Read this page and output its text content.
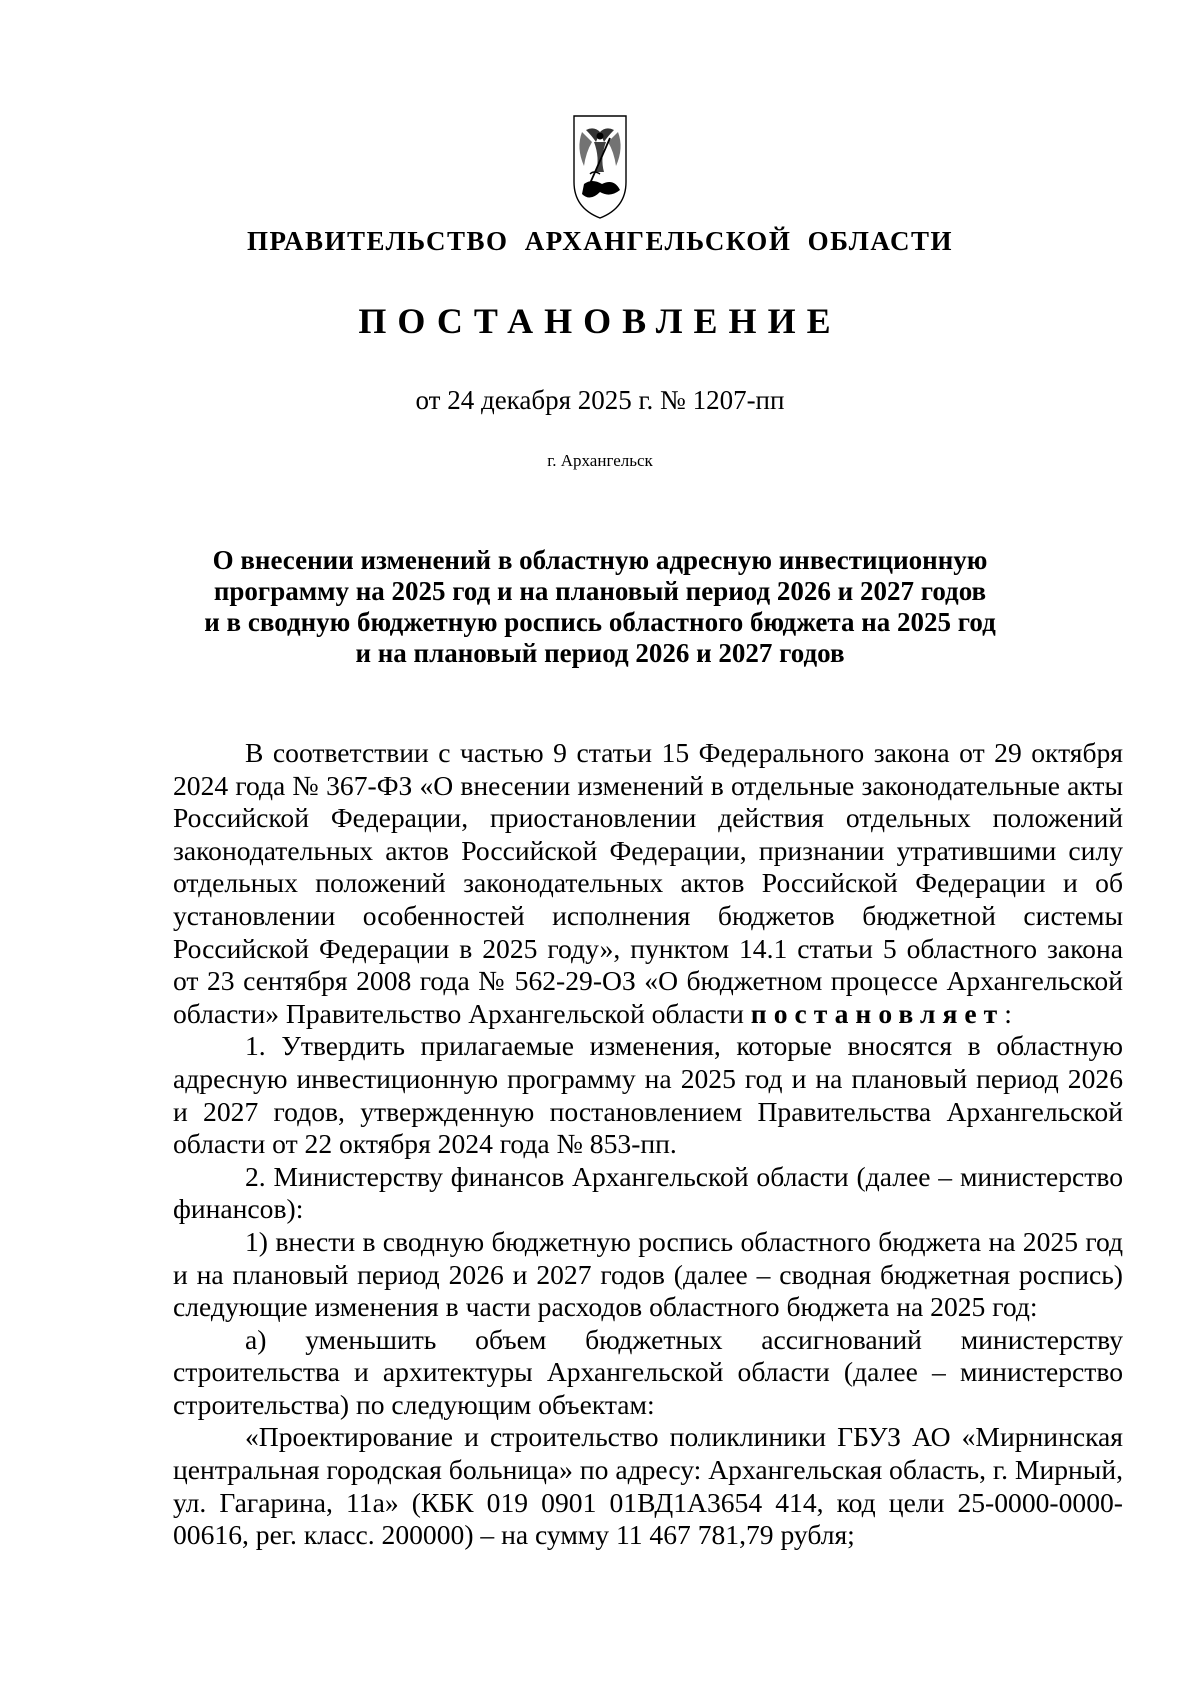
ПРАВИТЕЛЬСТВО АРХАНГЕЛЬСКОЙ ОБЛАСТИ
ПОСТАНОВЛЕНИЕ
от 24 декабря 2025 г. № 1207-пп
г. Архангельск
О внесении изменений в областную адресную инвестиционную
программу на 2025 год и на плановый период 2026 и 2027 годов
и в сводную бюджетную роспись областного бюджета на 2025 год
и на плановый период 2026 и 2027 годов

В соответствии с частью 9 статьи 15 Федерального закона от 29 октября 2024 года № 367-ФЗ «О внесении изменений в отдельные законодательные акты Российской Федерации, приостановлении действия отдельных положений законодательных актов Российской Федерации, признании утратившими силу отдельных положений законодательных актов Российской Федерации и об установлении особенностей исполнения бюджетов бюджетной системы Российской Федерации в 2025 году», пунктом 14.1 статьи 5 областного закона от 23 сентября 2008 года № 562-29-ОЗ «О бюджетном процессе Архангельской области» Правительство Архангельской области постановляет:

1. Утвердить прилагаемые изменения, которые вносятся в областную адресную инвестиционную программу на 2025 год и на плановый период 2026 и 2027 годов, утвержденную постановлением Правительства Архангельской области от 22 октября 2024 года № 853-пп.

2. Министерству финансов Архангельской области (далее – министерство финансов):

1) внести в сводную бюджетную роспись областного бюджета на 2025 год и на плановый период 2026 и 2027 годов (далее – сводная бюджетная роспись) следующие изменения в части расходов областного бюджета на 2025 год:

а) уменьшить объем бюджетных ассигнований министерству строительства и архитектуры Архангельской области (далее – министерство строительства) по следующим объектам:

«Проектирование и строительство поликлиники ГБУЗ АО «Мирнинская центральная городская больница» по адресу: Архангельская область, г. Мирный, ул. Гагарина, 11а» (КБК 019 0901 01ВД1А3654 414, код цели 25-0000-0000-00616, рег. класс. 200000) – на сумму 11 467 781,79 рубля;
